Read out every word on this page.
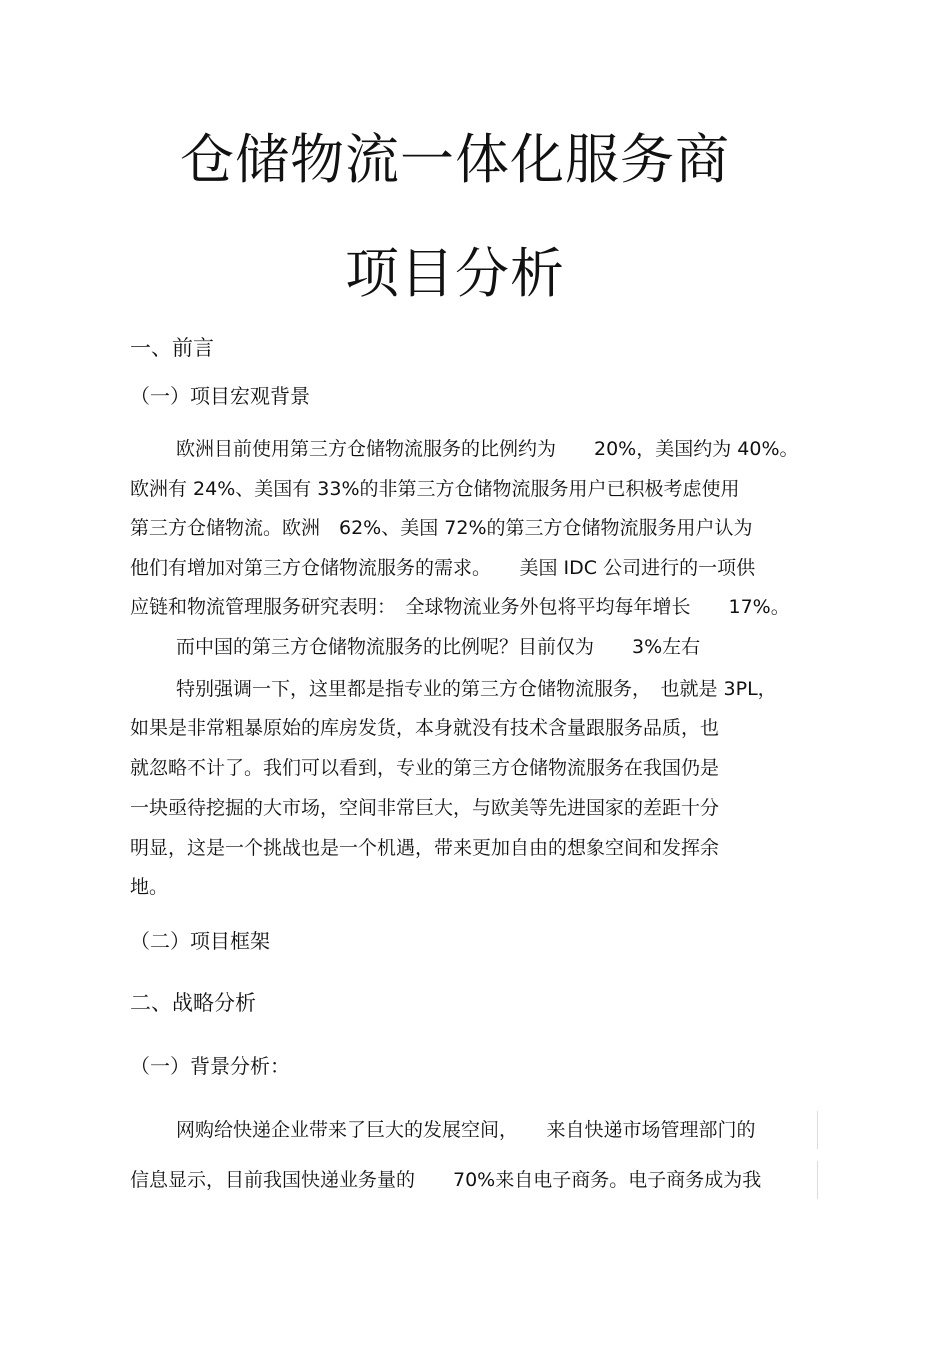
仓储物流一体化服务商
项目分析
一、前言
（一）项目宏观背景

欧洲目前使用第三方仓储物流服务的比例约为　　20%，美国约为 40%。

欧洲有 24%、美国有 33%的非第三方仓储物流服务用户已积极考虑使用

第三方仓储物流。欧洲　62%、美国 72%的第三方仓储物流服务用户认为

他们有增加对第三方仓储物流服务的需求。　　美国 IDC 公司进行的一项供

应链和物流管理服务研究表明：　全球物流业务外包将平均每年增长　　17%。

而中国的第三方仓储物流服务的比例呢？目前仅为　　3%左右

特别强调一下，这里都是指专业的第三方仓储物流服务，　也就是 3PL，

如果是非常粗暴原始的库房发货，本身就没有技术含量跟服务品质，也

就忽略不计了。我们可以看到，专业的第三方仓储物流服务在我国仍是

一块亟待挖掘的大市场，空间非常巨大，与欧美等先进国家的差距十分

明显，这是一个挑战也是一个机遇，带来更加自由的想象空间和发挥余

地。

（二）项目框架
二、战略分析
（一）背景分析：

网购给快递企业带来了巨大的发展空间，　　来自快递市场管理部门的

信息显示，目前我国快递业务量的　　70%来自电子商务。电子商务成为我
